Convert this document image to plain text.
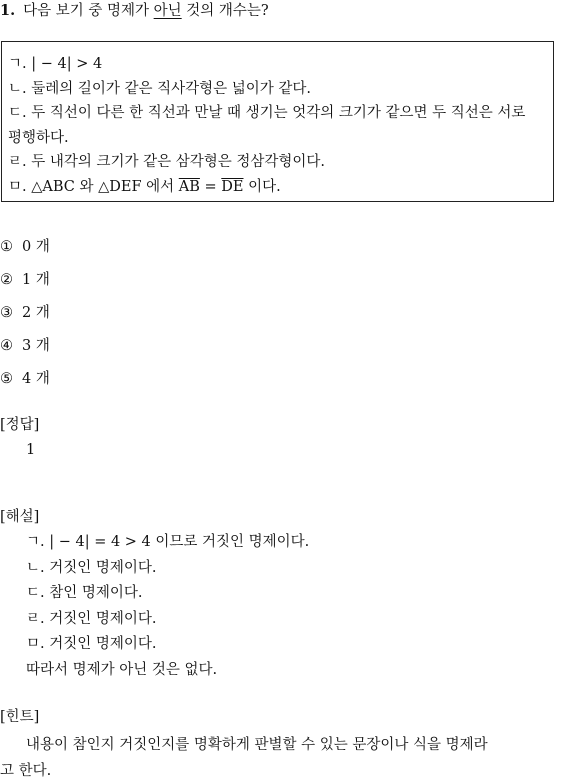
1. 다음 보기 중 명제가 아닌 것의 개수는?
ㄱ. | − 4| > 4
ㄴ. 둘레의 길이가 같은 직사각형은 넓이가 같다.
ㄷ. 두 직선이 다른 한 직선과 만날 때 생기는 엇각의 크기가 같으면 두 직선은 서로
평행하다.
ㄹ. 두 내각의 크기가 같은 삼각형은 정삼각형이다.
ㅁ. △ABC 와 △DEF 에서 $\overline{AB} = \overline{DE}$ 이다.
① 0 개
② 1 개
③ 2 개
④ 3 개
⑤ 4 개
[정답]
1
[해설]
ㄱ. | − 4| = 4 > 4 이므로 거짓인 명제이다.
ㄴ. 거짓인 명제이다.
ㄷ. 참인 명제이다.
ㄹ. 거짓인 명제이다.
ㅁ. 거짓인 명제이다.
따라서 명제가 아닌 것은 없다.
[힌트]
내용이 참인지 거짓인지를 명확하게 판별할 수 있는 문장이나 식을 명제라
고 한다.
